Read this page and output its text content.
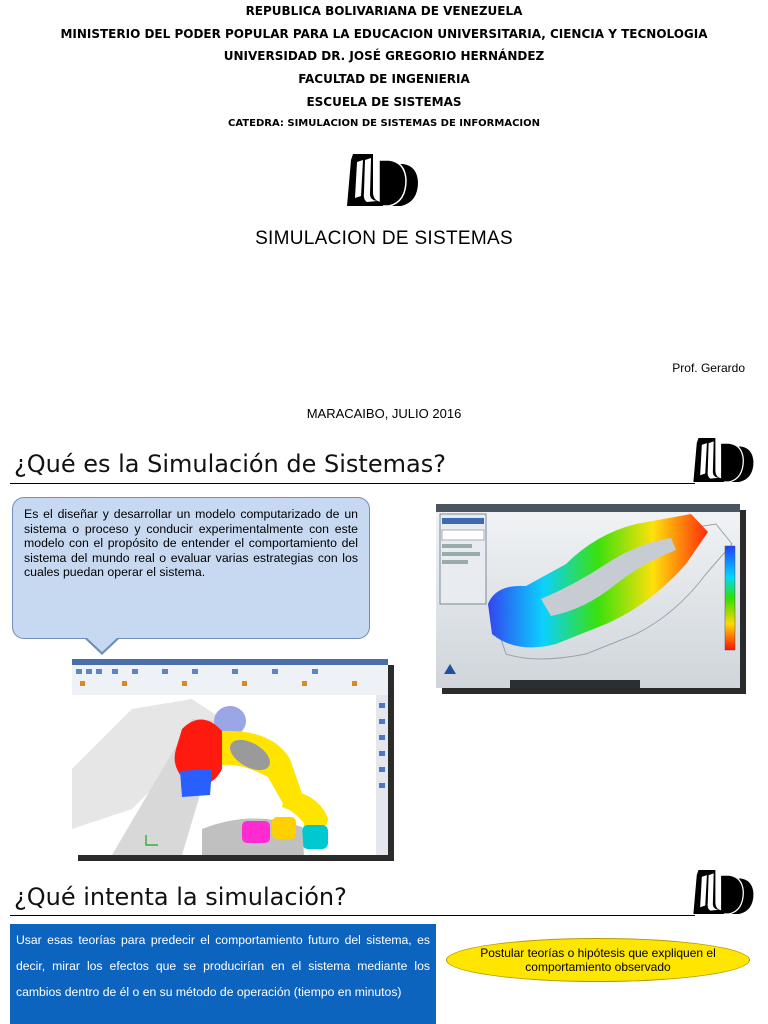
REPUBLICA BOLIVARIANA DE VENEZUELA
MINISTERIO DEL PODER POPULAR PARA LA EDUCACION UNIVERSITARIA, CIENCIA Y TECNOLOGIA
UNIVERSIDAD DR. JOSÉ GREGORIO HERNÁNDEZ
FACULTAD DE INGENIERIA
ESCUELA DE SISTEMAS
CATEDRA: SIMULACION DE SISTEMAS DE INFORMACION
SIMULACION DE SISTEMAS
Prof. Gerardo
MARACAIBO, JULIO 2016
¿Qué es la Simulación de Sistemas?
Es el diseñar y desarrollar un modelo computarizado de un sistema o proceso y conducir experimentalmente con este modelo con el propósito de entender el comportamiento del sistema del mundo real o evaluar varias estrategias con los cuales puedan operar el sistema.
¿Qué intenta la simulación?
Usar esas teorías para predecir el comportamiento futuro del sistema, es decir, mirar los efectos que se producirían en el sistema mediante los cambios dentro de él o en su método de operación (tiempo en minutos)
Postular teorías o hipótesis que expliquen el comportamiento observado
